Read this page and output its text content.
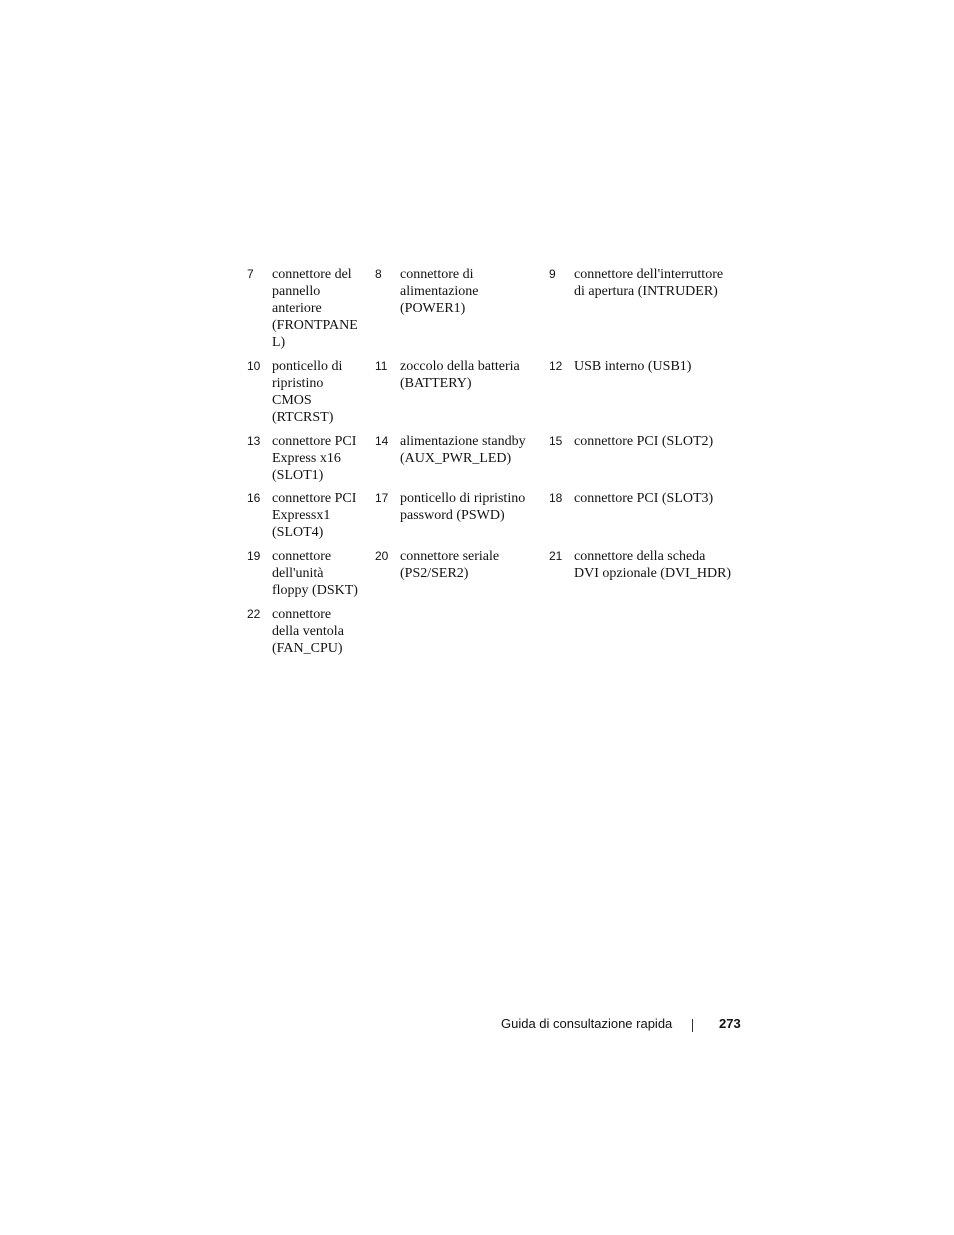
7 connettore del
pannello
anteriore
(FRONTPANE
L)
8 connettore di
alimentazione
(POWER1)
9 connettore dell'interruttore
di apertura (INTRUDER)
10 ponticello di
ripristino
CMOS
(RTCRST)
11 zoccolo della batteria
(BATTERY)
12 USB interno (USB1)
13 connettore PCI
Express x16
(SLOT1)
14 alimentazione standby
(AUX_PWR_LED)
15 connettore PCI (SLOT2)
16 connettore PCI
Expressx1
(SLOT4)
17 ponticello di ripristino
password (PSWD)
18 connettore PCI (SLOT3)
19 connettore
dell'unità
floppy (DSKT)
20 connettore seriale
(PS2/SER2)
21 connettore della scheda
DVI opzionale (DVI_HDR)
22 connettore
della ventola
(FAN_CPU)
Guida di consultazione rapida	273
